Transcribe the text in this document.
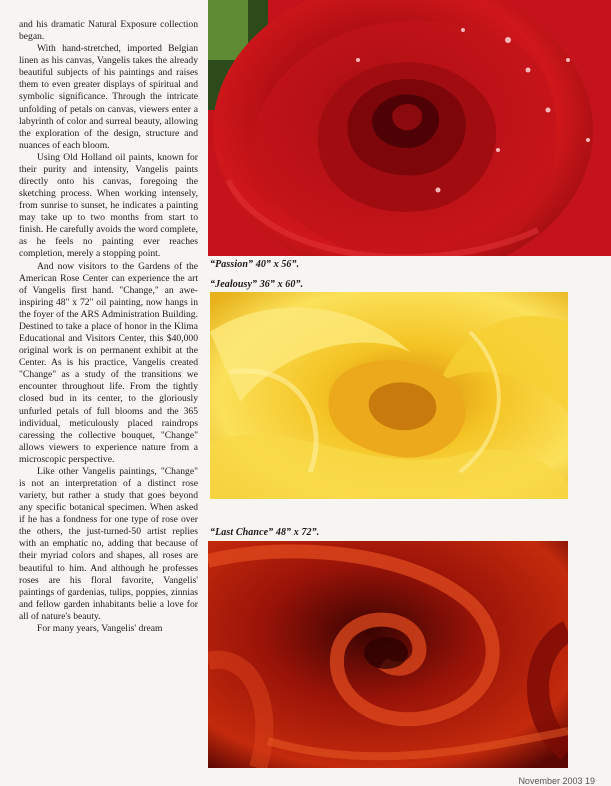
and his dramatic Natural Exposure collection began.

With hand-stretched, imported Belgian linen as his canvas, Vangelis takes the already beautiful subjects of his paintings and raises them to even greater displays of spiritual and symbolic significance. Through the intricate unfolding of petals on canvas, viewers enter a labyrinth of color and surreal beauty, allowing the exploration of the design, structure and nuances of each bloom.

Using Old Holland oil paints, known for their purity and intensity, Vangelis paints directly onto his canvas, foregoing the sketching process. When working intensely, from sunrise to sunset, he indicates a painting may take up to two months from start to finish. He carefully avoids the word complete, as he feels no painting ever reaches completion, merely a stopping point.

And now visitors to the Gardens of the American Rose Center can experience the art of Vangelis first hand. "Change," an awe-inspiring 48" x 72" oil painting, now hangs in the foyer of the ARS Administration Building. Destined to take a place of honor in the Klima Educational and Visitors Center, this $40,000 original work is on permanent exhibit at the Center. As is his practice, Vangelis created "Change" as a study of the transitions we encounter throughout life. From the tightly closed bud in its center, to the gloriously unfurled petals of full blooms and the 365 individual, meticulously placed raindrops caressing the collective bouquet, "Change" allows viewers to experience nature from a microscopic perspective.

Like other Vangelis paintings, "Change" is not an interpretation of a distinct rose variety, but rather a study that goes beyond any specific botanical specimen. When asked if he has a fondness for one type of rose over the others, the just-turned-50 artist replies with an emphatic no, adding that because of their myriad colors and shapes, all roses are beautiful to him. And although he professes roses are his floral favorite, Vangelis' paintings of gardenias, tulips, poppies, zinnias and fellow garden inhabitants belie a love for all of nature's beauty.

For many years, Vangelis' dream

“Passion” 40” x 56”.
“Jealousy” 36” x 60”.
“Last Chance” 48” x 72”.
November 2003 19
